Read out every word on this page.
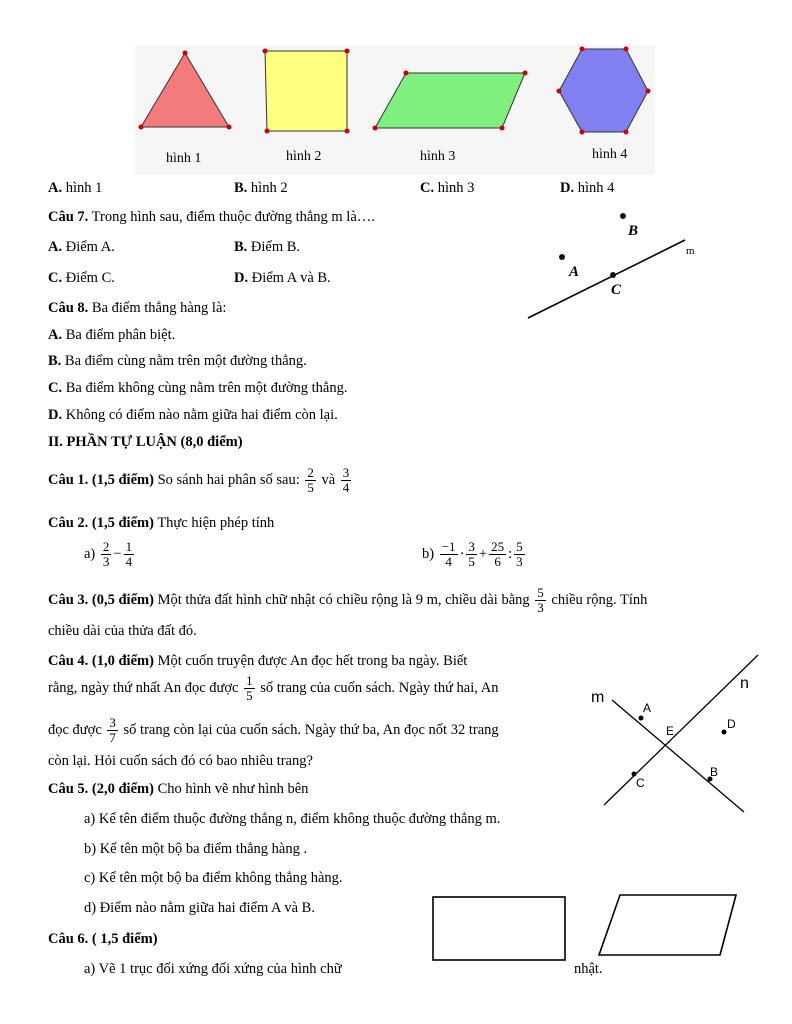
hình 1	hình 2	hình 3	hình 4
A. hình 1	B. hình 2	C. hình 3	D. hình 4
Câu 7. Trong hình sau, điểm thuộc đường thẳng m là….
A. Điểm A.	B. Điểm B.
C. Điểm C.	D. Điểm A và B.
B
A
C
m
Câu 8. Ba điểm thẳng hàng là:
A. Ba điểm phân biệt.
B. Ba điểm cùng nằm trên một đường thẳng.
C. Ba điểm không cùng nằm trên một đường thẳng.
D. Không có điểm nào nằm giữa hai điểm còn lại.
II. PHẦN TỰ LUẬN (8,0 điểm)
Câu 1. (1,5 điểm) So sánh hai phân số sau: $\frac{2}{5}$ và $\frac{3}{4}$
Câu 2. (1,5 điểm) Thực hiện phép tính
$a) \frac{2}{3} - \frac{1}{4}$	$b) \frac{-1}{4} \cdot \frac{3}{5} + \frac{25}{6}$ : $\frac{5}{3}$
Câu 3. (0,5 điểm) Một thửa đất hình chữ nhật có chiều rộng là 9 m, chiều dài bằng $\frac{5}{3}$ chiều rộng. Tính
chiều dài của thửa đất đó.
Câu 4. (1,0 điểm) Một cuốn truyện được An đọc hết trong ba ngày. Biết
rằng, ngày thứ nhất An đọc được $\frac{1}{5}$ số trang của cuốn sách. Ngày thứ hai, An
đọc được $\frac{3}{7}$ số trang còn lại của cuốn sách. Ngày thứ ba, An đọc nốt 32 trang
còn lại. Hỏi cuốn sách đó có bao nhiêu trang?
Câu 5. (2,0 điểm) Cho hình vẽ như hình bên
a) Kể tên điểm thuộc đường thẳng n, điểm không thuộc đường thẳng m.
b) Kể tên một bộ ba điểm thẳng hàng .
c) Kể tên một bộ ba điểm không thẳng hàng.
d) Điểm nào nằm giữa hai điểm A và B.
m
n
A
E	D
C
B
Câu 6. ( 1,5 điểm)
a) Vẽ 1 trục đối xứng đối xứng của hình chữ	nhật.
